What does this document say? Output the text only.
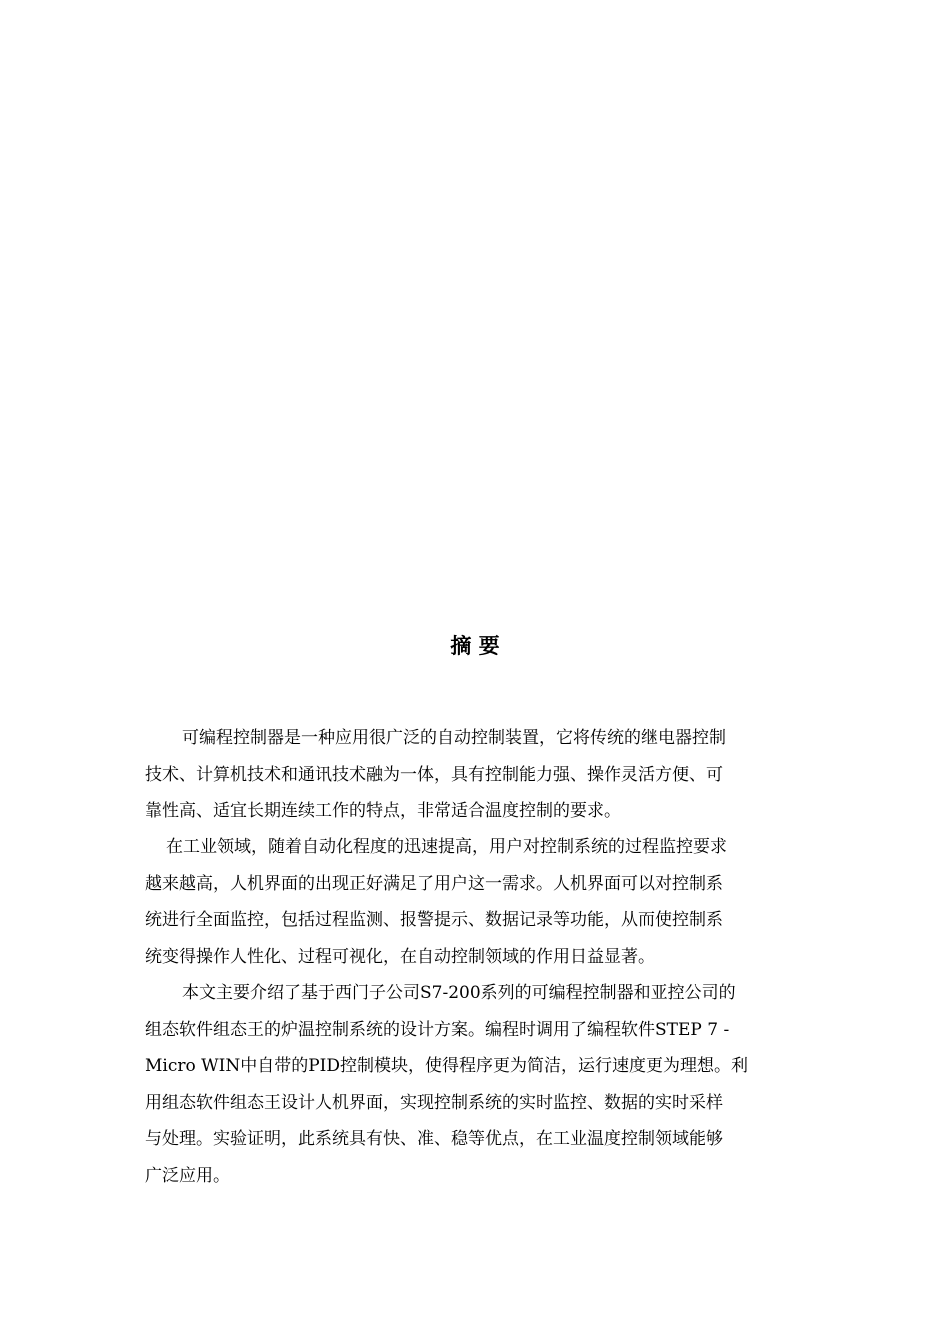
摘 要
可编程控制器是一种应用很广泛的自动控制装置，它将传统的继电器控制
技术、计算机技术和通讯技术融为一体，具有控制能力强、操作灵活方便、可
靠性高、适宜长期连续工作的特点，非常适合温度控制的要求。
在工业领域，随着自动化程度的迅速提高，用户对控制系统的过程监控要求
越来越高，人机界面的出现正好满足了用户这一需求。人机界面可以对控制系
统进行全面监控，包括过程监测、报警提示、数据记录等功能，从而使控制系
统变得操作人性化、过程可视化，在自动控制领域的作用日益显著。
本文主要介绍了基于西门子公司S7-200系列的可编程控制器和亚控公司的
组态软件组态王的炉温控制系统的设计方案。编程时调用了编程软件STEP 7 -
Micro WIN中自带的PID控制模块，使得程序更为简洁，运行速度更为理想。利
用组态软件组态王设计人机界面，实现控制系统的实时监控、数据的实时采样
与处理。实验证明，此系统具有快、准、稳等优点，在工业温度控制领域能够
广泛应用。
